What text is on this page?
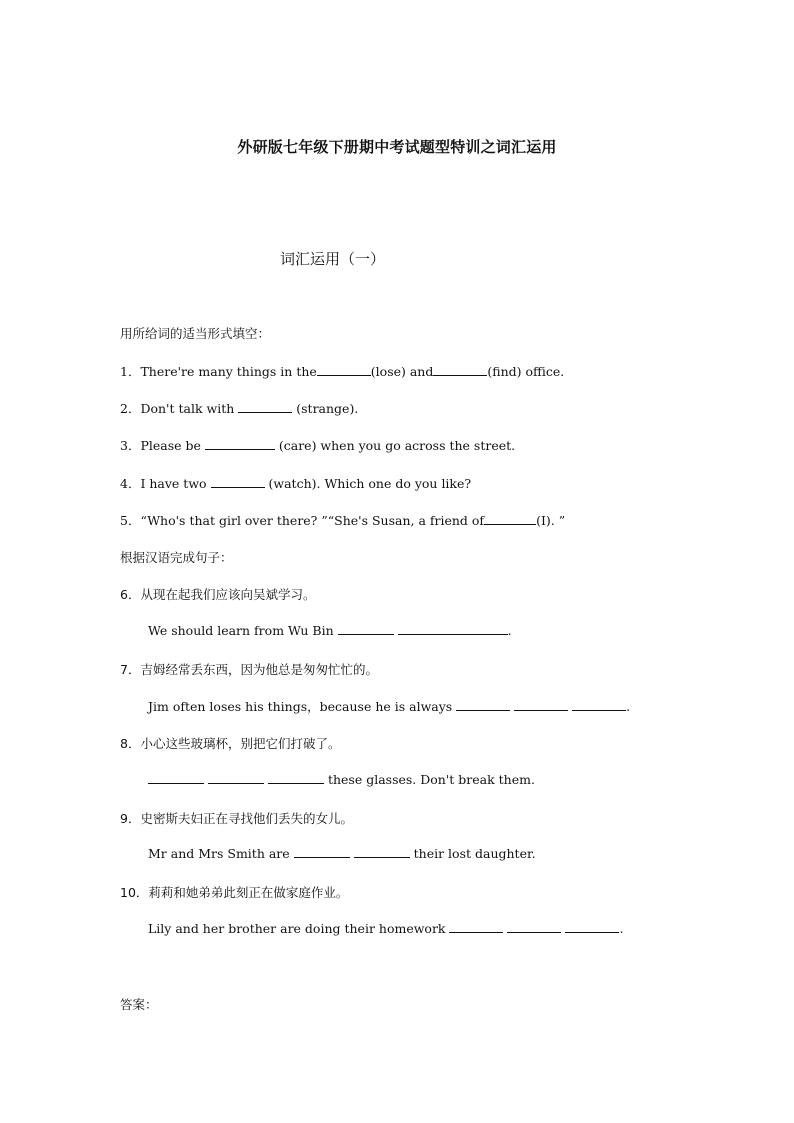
外研版七年级下册期中考试题型特训之词汇运用
词汇运用（一）
用所给词的适当形式填空：
1．There're many things in the	(lose) and	(find) office.
2．Don't talk with	(strange).
3．Please be	(care) when you go across the street.
4．I have two	(watch). Which one do you like?
5．“Who's that girl over there? ”“She's Susan, a friend of	(I). ”
根据汉语完成句子：
6．从现在起我们应该向吴斌学习。
We should learn from Wu Bin	.
7．吉姆经常丢东西，因为他总是匆匆忙忙的。
Jim often loses his things，because he is always	.
8．小心这些玻璃杯，别把它们打破了。
these glasses. Don't break them.
9．史密斯夫妇正在寻找他们丢失的女儿。
Mr and Mrs Smith are	their lost daughter.
10．莉莉和她弟弟此刻正在做家庭作业。
Lily and her brother are doing their homework	.
答案：
